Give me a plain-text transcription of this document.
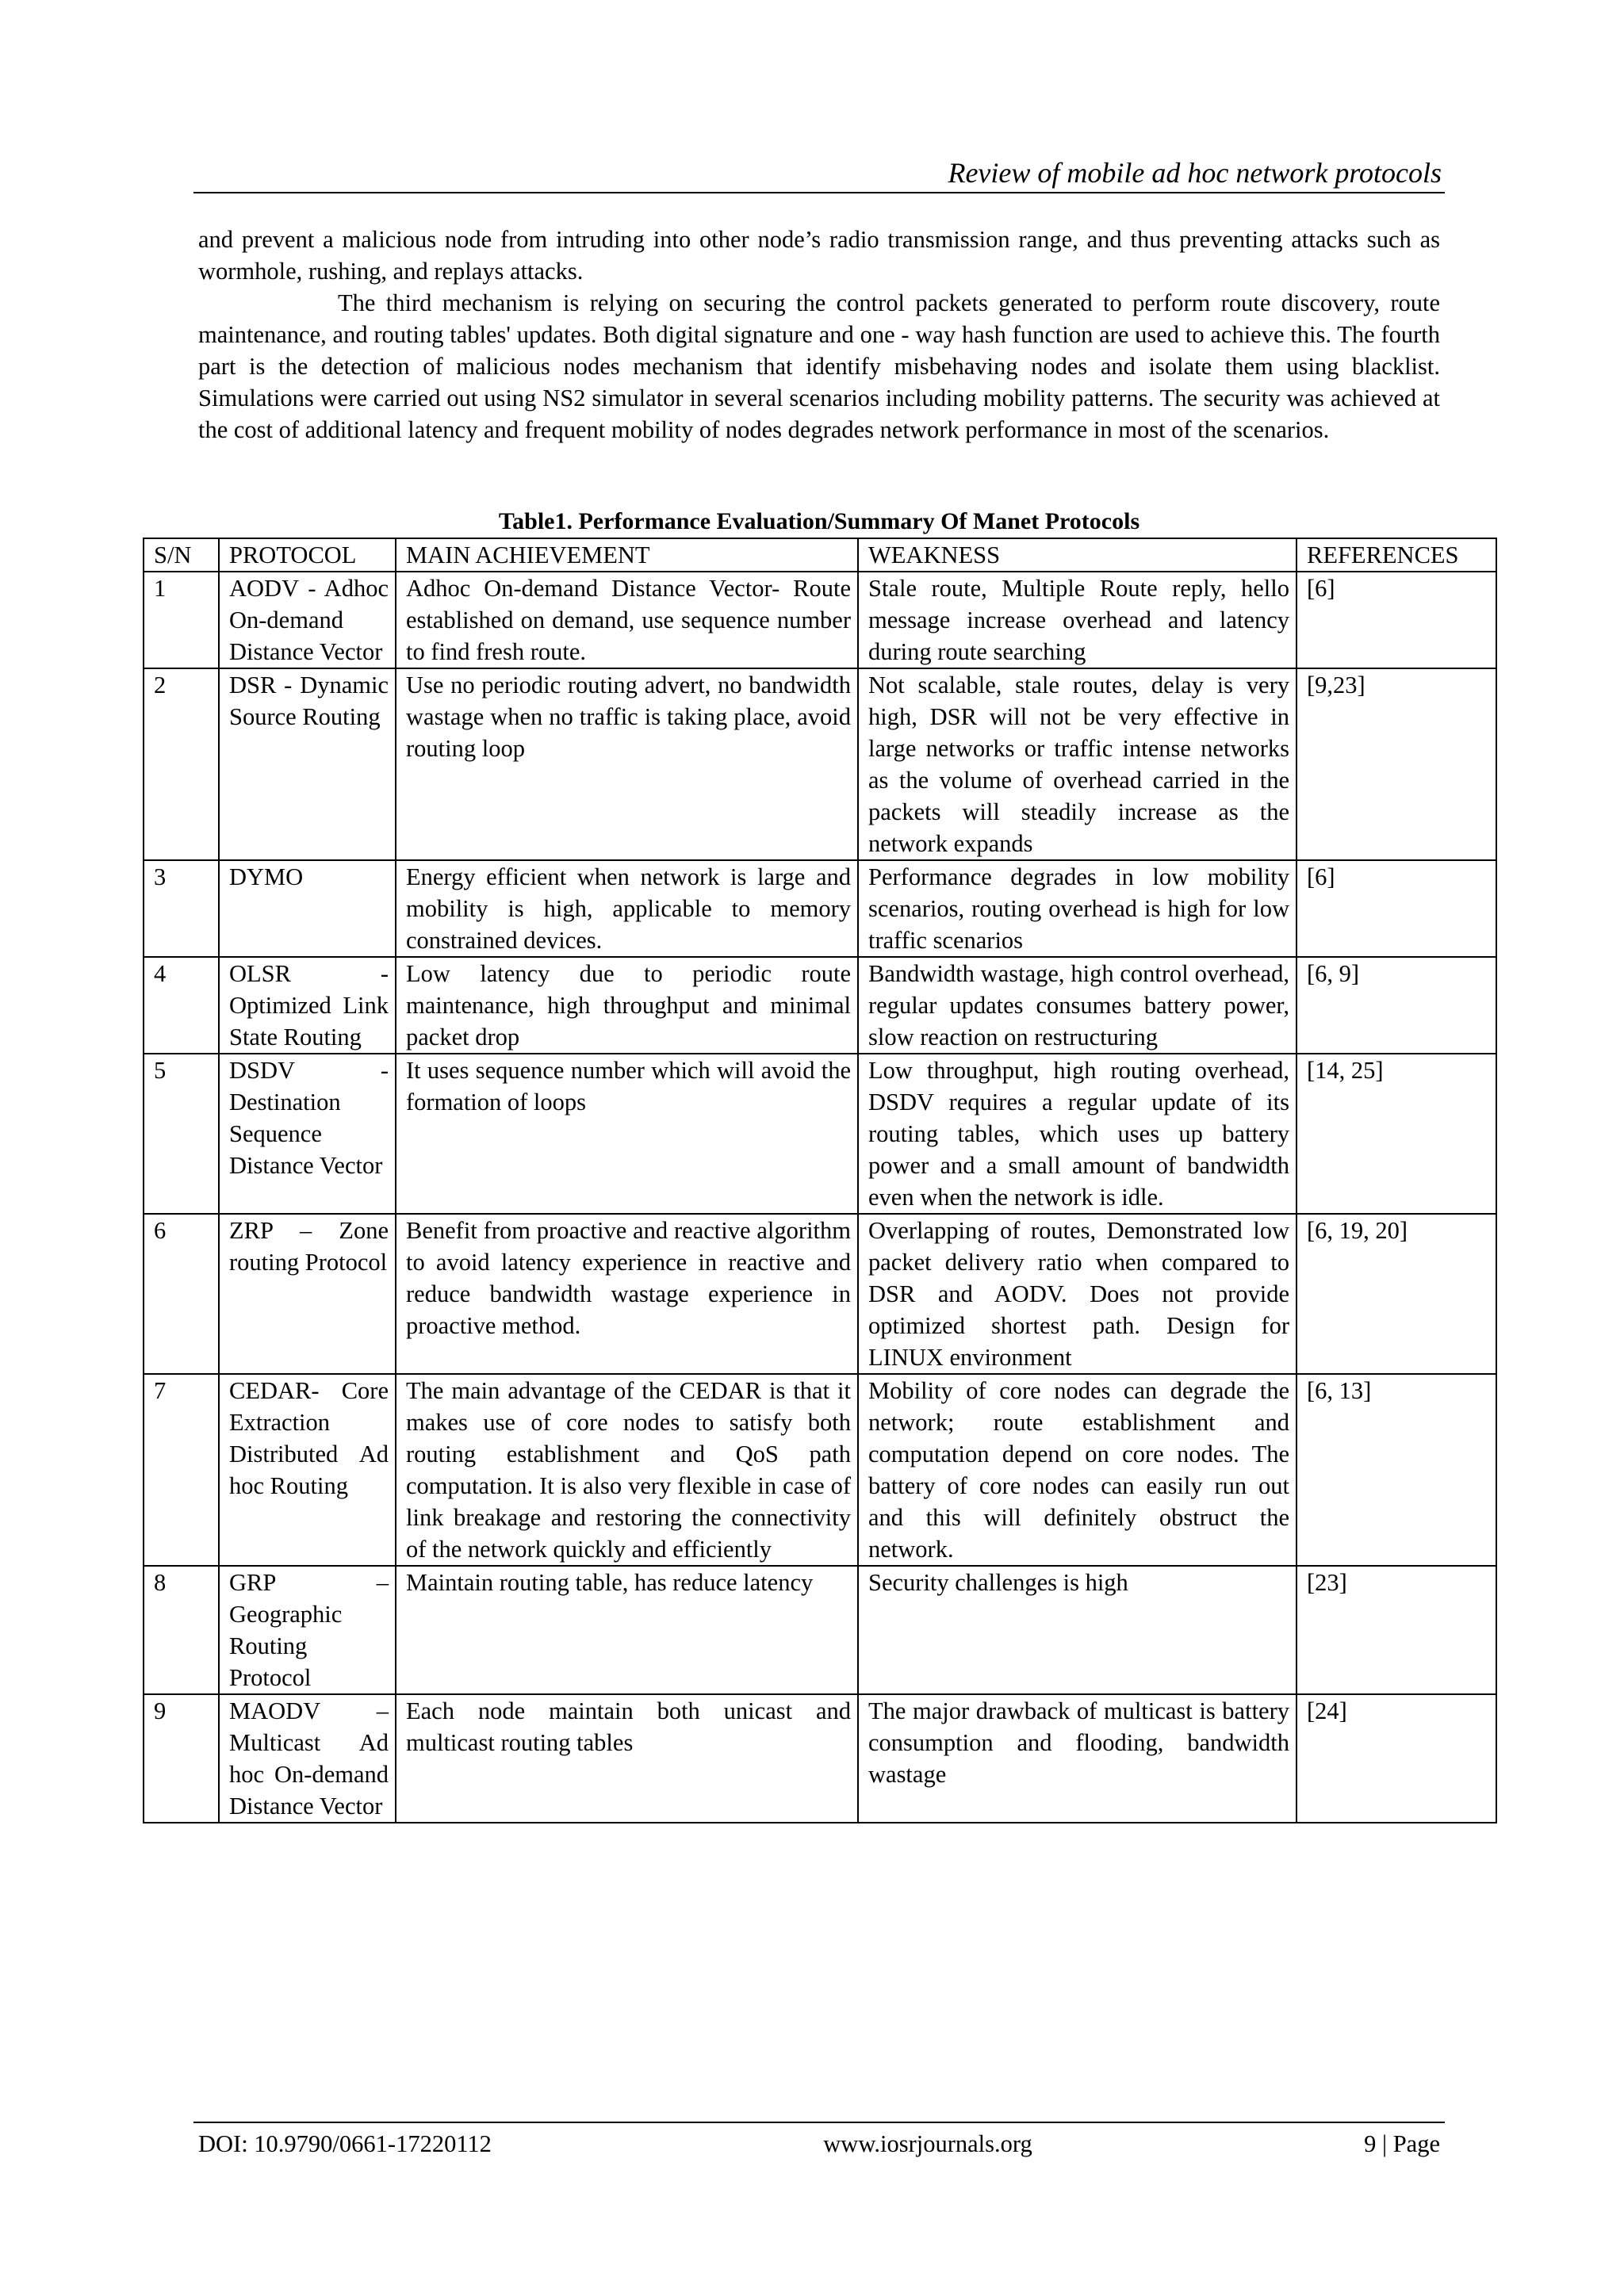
Review of mobile ad hoc network protocols

and prevent a malicious node from intruding into other node’s radio transmission range, and thus preventing attacks such as wormhole, rushing, and replays attacks.

The third mechanism is relying on securing the control packets generated to perform route discovery, route maintenance, and routing tables' updates. Both digital signature and one - way hash function are used to achieve this. The fourth part is the detection of malicious nodes mechanism that identify misbehaving nodes and isolate them using blacklist. Simulations were carried out using NS2 simulator in several scenarios including mobility patterns. The security was achieved at the cost of additional latency and frequent mobility of nodes degrades network performance in most of the scenarios.

Table1. Performance Evaluation/Summary Of Manet Protocols
S/N	PROTOCOL	MAIN ACHIEVEMENT	WEAKNESS	REFERENCES
1	AODV - Adhoc On-demand Distance Vector	Adhoc On-demand Distance Vector- Route established on demand, use sequence number to find fresh route.	Stale route, Multiple Route reply, hello message increase overhead and latency during route searching	[6]
2	DSR - Dynamic Source Routing	Use no periodic routing advert, no bandwidth wastage when no traffic is taking place, avoid routing loop	Not scalable, stale routes, delay is very high, DSR will not be very effective in large networks or traffic intense networks as the volume of overhead carried in the packets will steadily increase as the network expands	[9,23]
3	DYMO	Energy efficient when network is large and mobility is high, applicable to memory constrained devices.	Performance degrades in low mobility scenarios, routing overhead is high for low traffic scenarios	[6]
4	OLSR - Optimized Link State Routing	Low latency due to periodic route maintenance, high throughput and minimal packet drop	Bandwidth wastage, high control overhead, regular updates consumes battery power, slow reaction on restructuring	[6, 9]
5	DSDV - Destination Sequence Distance Vector	It uses sequence number which will avoid the formation of loops	Low throughput, high routing overhead, DSDV requires a regular update of its routing tables, which uses up battery power and a small amount of bandwidth even when the network is idle.	[14, 25]
6	ZRP – Zone routing Protocol	Benefit from proactive and reactive algorithm to avoid latency experience in reactive and reduce bandwidth wastage experience in proactive method.	Overlapping of routes, Demonstrated low packet delivery ratio when compared to DSR and AODV. Does not provide optimized shortest path. Design for LINUX environment	[6, 19, 20]
7	CEDAR- Core Extraction Distributed Ad hoc Routing	The main advantage of the CEDAR is that it makes use of core nodes to satisfy both routing establishment and QoS path computation. It is also very flexible in case of link breakage and restoring the connectivity of the network quickly and efficiently	Mobility of core nodes can degrade the network; route establishment and computation depend on core nodes. The battery of core nodes can easily run out and this will definitely obstruct the network.	[6, 13]
8	GRP – Geographic Routing Protocol	Maintain routing table, has reduce latency	Security challenges is high	[23]
9	MAODV – Multicast Ad hoc On-demand Distance Vector	Each node maintain both unicast and multicast routing tables	The major drawback of multicast is battery consumption and flooding, bandwidth wastage	[24]
DOI: 10.9790/0661-17220112	www.iosrjournals.org	9 | Page
